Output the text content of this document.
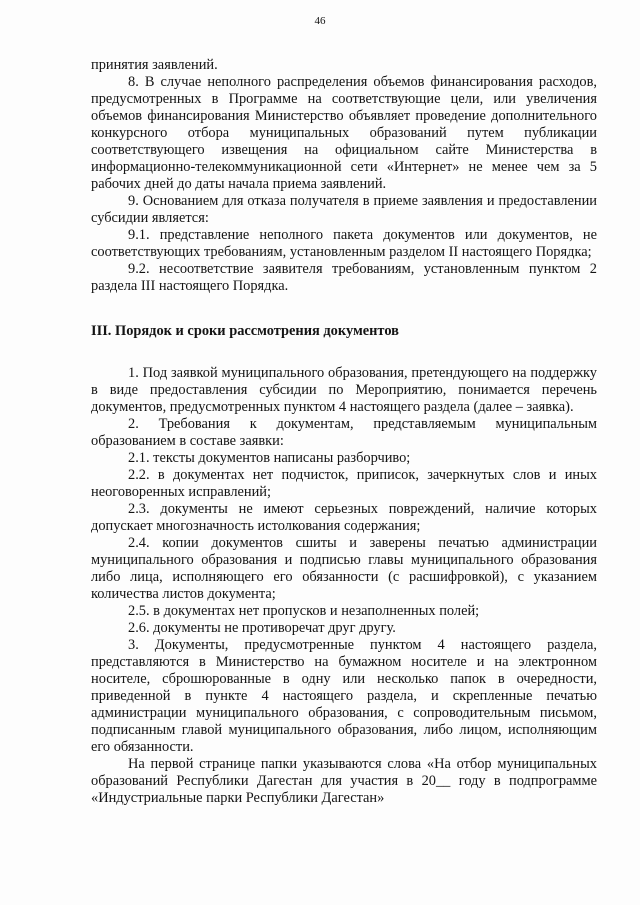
46
принятия заявлений.
8. В случае неполного распределения объемов финансирования расходов, предусмотренных в Программе на соответствующие цели, или увеличения объемов финансирования Министерство объявляет проведение дополнительного конкурсного отбора муниципальных образований путем публикации соответствующего извещения на официальном сайте Министерства в информационно-телекоммуникационной сети «Интернет» не менее чем за 5 рабочих дней до даты начала приема заявлений.
9. Основанием для отказа получателя в приеме заявления и предоставлении субсидии является:
9.1. представление неполного пакета документов или документов, не соответствующих требованиям, установленным разделом II настоящего Порядка;
9.2. несоответствие заявителя требованиям, установленным пунктом 2 раздела III настоящего Порядка.
III. Порядок и сроки рассмотрения документов
1. Под заявкой муниципального образования, претендующего на поддержку в виде предоставления субсидии по Мероприятию, понимается перечень документов, предусмотренных пунктом 4 настоящего раздела (далее – заявка).
2. Требования к документам, представляемым муниципальным образованием в составе заявки:
2.1. тексты документов написаны разборчиво;
2.2. в документах нет подчисток, приписок, зачеркнутых слов и иных неоговоренных исправлений;
2.3. документы не имеют серьезных повреждений, наличие которых допускает многозначность истолкования содержания;
2.4. копии документов сшиты и заверены печатью администрации муниципального образования и подписью главы муниципального образования либо лица, исполняющего его обязанности (с расшифровкой), с указанием количества листов документа;
2.5. в документах нет пропусков и незаполненных полей;
2.6. документы не противоречат друг другу.
3. Документы, предусмотренные пунктом 4 настоящего раздела, представляются в Министерство на бумажном носителе и на электронном носителе, сброшюрованные в одну или несколько папок в очередности, приведенной в пункте 4 настоящего раздела, и скрепленные печатью администрации муниципального образования, с сопроводительным письмом, подписанным главой муниципального образования, либо лицом, исполняющим его обязанности.
На первой странице папки указываются слова «На отбор муниципальных образований Республики Дагестан для участия в 20__ году в подпрограмме «Индустриальные парки Республики Дагестан»
